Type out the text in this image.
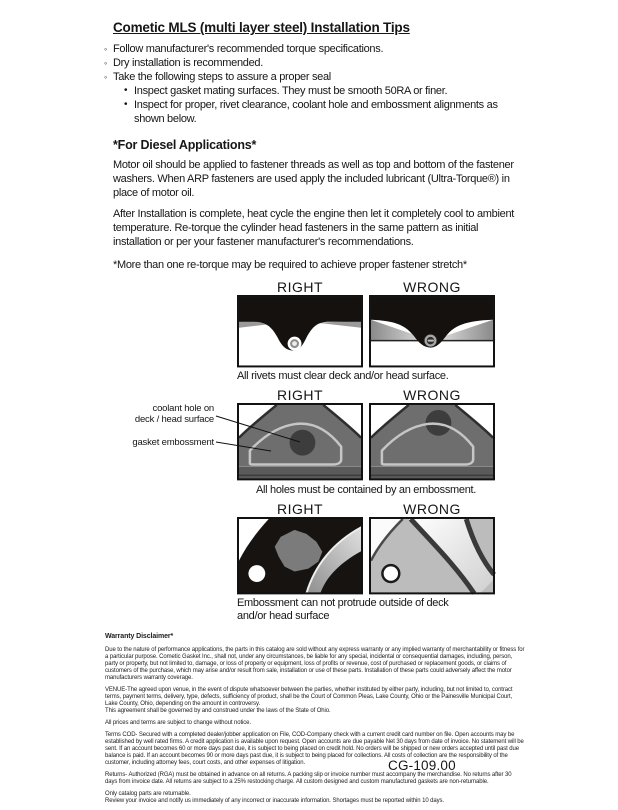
Cometic MLS (multi layer steel) Installation Tips
◦ Follow manufacturer's recommended torque specifications.
◦ Dry installation is recommended.
◦ Take the following steps to assure a proper seal
• Inspect gasket mating surfaces. They must be smooth 50RA or finer.
• Inspect for proper, rivet clearance, coolant hole and embossment alignments as shown below.
*For Diesel Applications*

Motor oil should be applied to fastener threads as well as top and bottom of the fastener washers. When ARP fasteners are used apply the included lubricant (Ultra-Torque®) in place of motor oil.

After Installation is complete, heat cycle the engine then let it completely cool to ambient temperature. Re-torque the cylinder head fasteners in the same pattern as initial installation or per your fastener manufacturer's recommendations.

*More than one re-torque may be required to achieve proper fastener stretch*

RIGHT	WRONG
All rivets must clear deck and/or head surface.
coolant hole on
deck / head surface
gasket embossment
RIGHT	WRONG
All holes must be contained by an embossment.
RIGHT	WRONG
Embossment can not protrude outside of deck
and/or head surface

Warranty Disclaimer*

Due to the nature of performance applications, the parts in this catalog are sold without any express warranty or any implied warranty of merchantability or fitness for a particular purpose. Cometic Gasket Inc., shall not, under any circumstances, be liable for any special, incidental or consequential damages, including, person, party or property, but not limited to, damage, or loss of property or equipment, loss of profits or revenue, cost of purchased or replacement goods, or claims of customers of the purchase, which may arise and/or result from sale, installation or use of these parts. Installation of these parts could adversely affect the motor manufacturers warranty coverage.

VENUE-The agreed upon venue, in the event of dispute whatsoever between the parties, whether instituted by either party, including, but not limited to, contract terms, payment terms, delivery, type, defects, sufficiency of product, shall be the Court of Common Pleas, Lake County, Ohio or the Painesville Municipal Court, Lake County, Ohio, depending on the amount in controversy.

This agreement shall be governed by and construed under the laws of the State of Ohio.

All prices and terms are subject to change without notice.

Terms COD- Secured with a completed dealer/jobber application on File, COD-Company check with a current credit card number on file. Open accounts may be established by well rated firms. A credit application is available upon request. Open accounts are due payable Net 30 days from date of invoice. No statement will be sent. If an account becomes 60 or more days past due, it is subject to being placed on credit hold. No orders will be shipped or new orders accepted until past due balance is paid. If an account becomes 90 or more days past due, it is subject to being placed for collections. All costs of collection are the responsibility of the customer, including attorney fees, court costs, and other expenses of litigation.

Returns- Authorized (RGA) must be obtained in advance on all returns. A packing slip or invoice number must accompany the merchandise. No returns after 30 days from invoice date. All returns are subject to a 25% restocking charge. All custom designed and custom manufactured gaskets are non-returnable.

Only catalog parts are returnable.

Review your invoice and notify us immediately of any incorrect or inaccurate information. Shortages must be reported within 10 days.

CG-109.00
